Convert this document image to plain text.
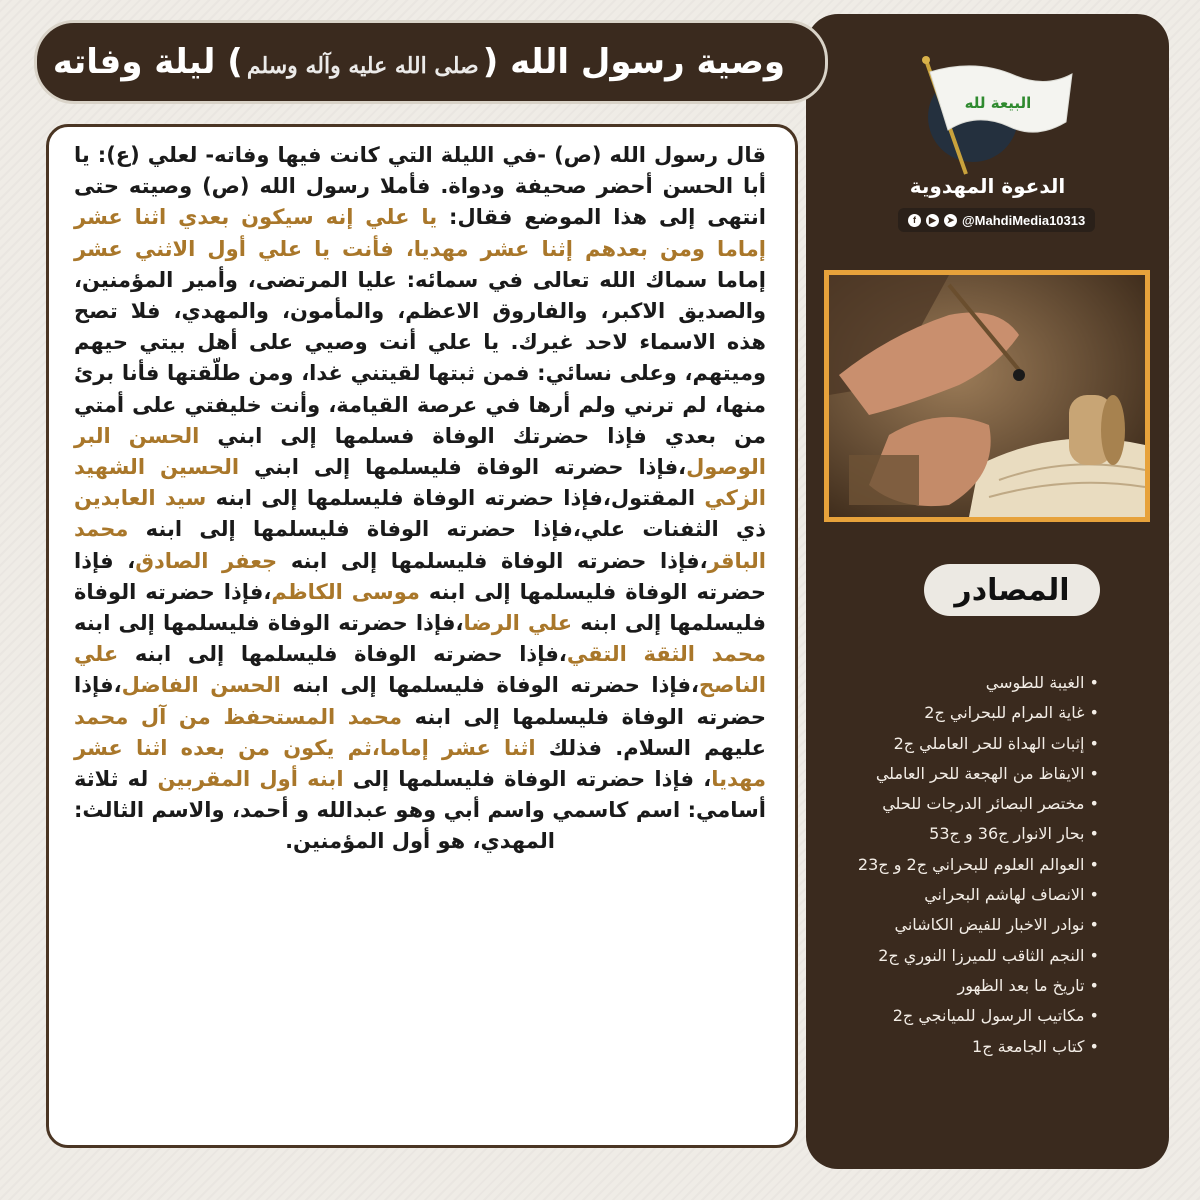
البيعة لله
الدعوة المهدوية
f	▶	➤ @MahdiMedia10313
المصادر
• الغيبة للطوسي
• غاية المرام للبحراني ج2
• إثبات الهداة للحر العاملي ج2
• الايقاظ من الهجعة للحر العاملي
• مختصر البصائر الدرجات للحلي
• بحار الانوار ج36 و ج53
• العوالم العلوم للبحراني ج2 و ج23
• الانصاف لهاشم البحراني
• نوادر الاخبار للفيض الكاشاني
• النجم الثاقب للميرزا النوري ج2
• تاريخ ما بعد الظهور
• مكاتيب الرسول للميانجي ج2
• كتاب الجامعة ج1
وصية رسول الله (صلى الله عليه وآله وسلم) ليلة وفاته

قال رسول الله (ص) -في الليلة التي كانت فيها وفاته- لعلي (ع): يا أبا الحسن أحضر صحيفة ودواة. فأملا رسول الله (ص) وصيته حتى انتهى إلى هذا الموضع فقال: يا علي إنه سيكون بعدي اثنا عشر إماما ومن بعدهم إثنا عشر مهديا، فأنت يا علي أول الاثني عشر إماما سماك الله تعالى في سمائه: عليا المرتضى، وأمير المؤمنين، والصديق الاكبر، والفاروق الاعظم، والمأمون، والمهدي، فلا تصح هذه الاسماء لاحد غيرك. يا علي أنت وصيي على أهل بيتي حيهم وميتهم، وعلى نسائي: فمن ثبتها لقيتني غدا، ومن طلّقتها فأنا برئ منها، لم ترني ولم أرها في عرصة القيامة، وأنت خليفتي على أمتي من بعدي فإذا حضرتك الوفاة فسلمها إلى ابني الحسن البر الوصول،فإذا حضرته الوفاة فليسلمها إلى ابني الحسين الشهيد الزكي المقتول،فإذا حضرته الوفاة فليسلمها إلى ابنه سيد العابدين ذي الثفنات علي،فإذا حضرته الوفاة فليسلمها إلى ابنه محمد الباقر،فإذا حضرته الوفاة فليسلمها إلى ابنه جعفر الصادق، فإذا حضرته الوفاة فليسلمها إلى ابنه موسى الكاظم،فإذا حضرته الوفاة فليسلمها إلى ابنه علي الرضا،فإذا حضرته الوفاة فليسلمها إلى ابنه محمد الثقة التقي،فإذا حضرته الوفاة فليسلمها إلى ابنه علي الناصح،فإذا حضرته الوفاة فليسلمها إلى ابنه الحسن الفاضل،فإذا حضرته الوفاة فليسلمها إلى ابنه محمد المستحفظ من آل محمد عليهم السلام. فذلك اثنا عشر إماما،ثم يكون من بعده اثنا عشر مهديا، فإذا حضرته الوفاة فليسلمها إلى ابنه أول المقربين له ثلاثة أسامي: اسم كاسمي واسم أبي وهو عبدالله و أحمد، والاسم الثالث: المهدي، هو أول المؤمنين.
